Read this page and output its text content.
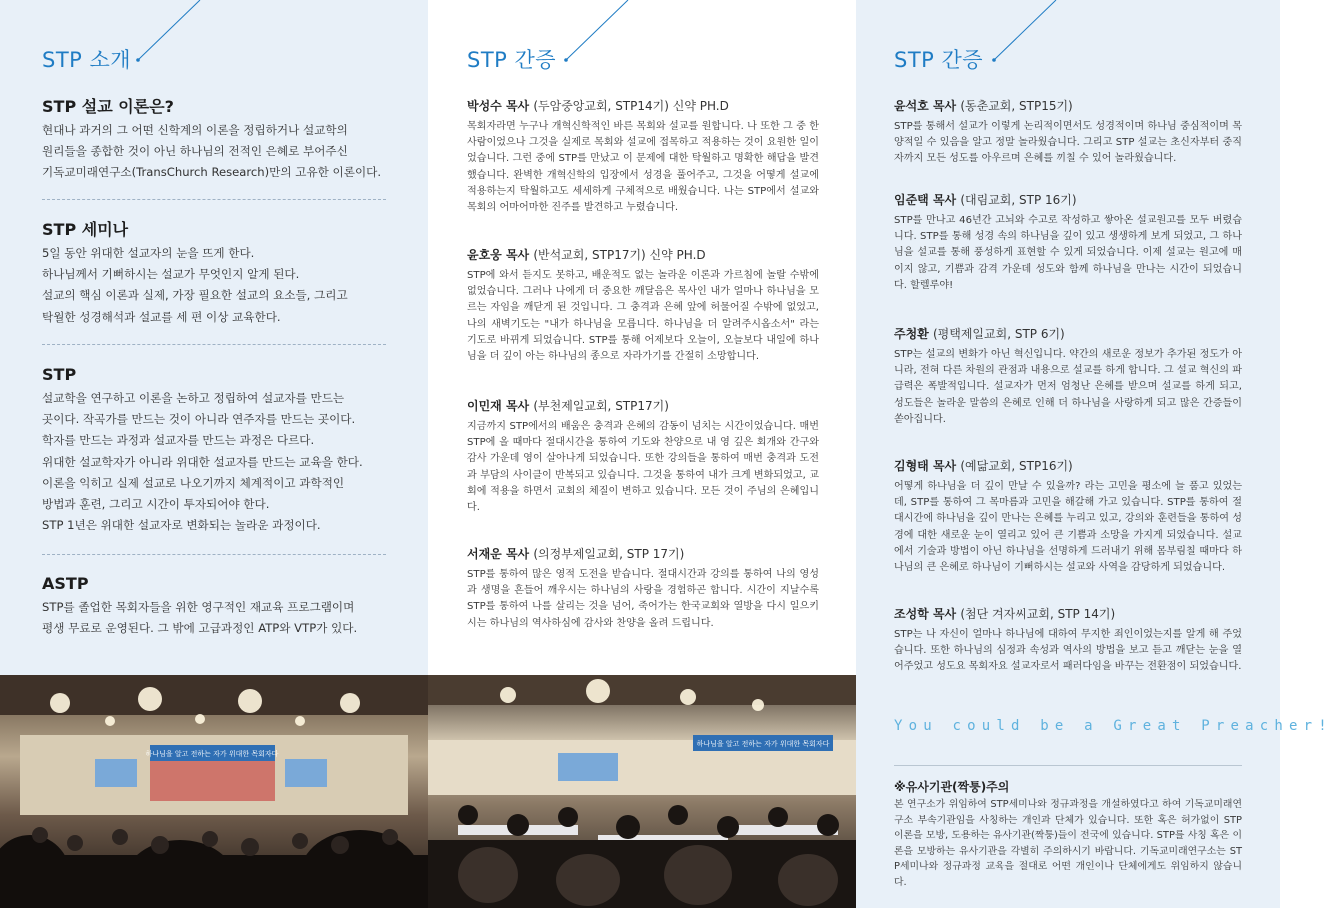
STP 소개
STP 설교 이론은?
현대나 과거의 그 어떤 신학계의 이론을 정립하거나 설교학의
원리들을 종합한 것이 아닌 하나님의 전적인 은혜로 부어주신
기독교미래연구소(TransChurch Research)만의 고유한 이론이다.
STP 세미나
5일 동안 위대한 설교자의 눈을 뜨게 한다.
하나님께서 기뻐하시는 설교가 무엇인지 알게 된다.
설교의 핵심 이론과 실제, 가장 필요한 설교의 요소들, 그리고
탁월한 성경해석과 설교를 세 편 이상 교육한다.
STP
설교학을 연구하고 이론을 논하고 정립하여 설교자를 만드는
곳이다. 작곡가를 만드는 것이 아니라 연주자를 만드는 곳이다.
학자를 만드는 과정과 설교자를 만드는 과정은 다르다.
위대한 설교학자가 아니라 위대한 설교자를 만드는 교육을 한다.
이론을 익히고 실제 설교로 나오기까지 체계적이고 과학적인
방법과 훈련, 그리고 시간이 투자되어야 한다.
STP 1년은 위대한 설교자로 변화되는 놀라운 과정이다.
ASTP
STP를 졸업한 목회자들을 위한 영구적인 재교육 프로그램이며
평생 무료로 운영된다. 그 밖에 고급과정인 ATP와 VTP가 있다.
STP 간증
박성수 목사 (두암중앙교회, STP14기) 신약 PH.D
목회자라면 누구나 개혁신학적인 바른 목회와 설교를 원합니다. 나 또한 그 중 한 사람이었으나 그것을 실제로 목회와 설교에 접목하고 적용하는 것이 요원한 일이었습니다. 그런 중에 STP를 만났고 이 문제에 대한 탁월하고 명확한 해답을 발견했습니다. 완벽한 개혁신학의 입장에서 성경을 풀어주고, 그것을 어떻게 설교에 적용하는지 탁월하고도 세세하게 구체적으로 배웠습니다. 나는 STP에서 설교와 목회의 어마어마한 진주를 발견하고 누렸습니다.
윤호웅 목사 (반석교회, STP17기) 신약 PH.D
STP에 와서 듣지도 못하고, 배운적도 없는 놀라운 이론과 가르침에 놀랄 수밖에 없었습니다. 그러나 나에게 더 중요한 깨달음은 목사인 내가 얼마나 하나님을 모르는 자임을 깨닫게 된 것입니다. 그 충격과 은혜 앞에 허물어질 수밖에 없었고, 나의 새벽기도는 "내가 하나님을 모릅니다. 하나님을 더 알려주시옵소서" 라는 기도로 바뀌게 되었습니다. STP를 통해 어제보다 오늘이, 오늘보다 내일에 하나님을 더 깊이 아는 하나님의 종으로 자라가기를 간절히 소망합니다.
이민재 목사 (부천제일교회, STP17기)
지금까지 STP에서의 배움은 충격과 은혜의 감동이 넘치는 시간이었습니다. 매번 STP에 올 때마다 절대시간을 통하여 기도와 찬양으로 내 영 깊은 회개와 간구와 감사 가운데 영이 살아나게 되었습니다. 또한 강의들을 통하여 매번 충격과 도전과 부담의 사이클이 반복되고 있습니다. 그것을 통하여 내가 크게 변화되었고, 교회에 적용을 하면서 교회의 체질이 변하고 있습니다. 모든 것이 주님의 은혜입니다.
서재운 목사 (의정부제일교회, STP 17기)
STP를 통하여 많은 영적 도전을 받습니다. 절대시간과 강의를 통하여 나의 영성과 생명을 흔들어 깨우시는 하나님의 사랑을 경험하곤 합니다. 시간이 지날수록 STP를 통하여 나를 살리는 것을 넘어, 죽어가는 한국교회와 열방을 다시 일으키시는 하나님의 역사하심에 감사와 찬양을 올려 드립니다.
STP 간증
윤석호 목사 (동춘교회, STP15기)
STP를 통해서 설교가 이렇게 논리적이면서도 성경적이며 하나님 중심적이며 목양적일 수 있음을 알고 정말 놀라웠습니다. 그리고 STP 설교는 초신자부터 중직자까지 모든 성도를 아우르며 은혜를 끼칠 수 있어 놀라웠습니다.
임준택 목사 (대림교회, STP 16기)
STP를 만나고 46년간 고뇌와 수고로 작성하고 쌓아온 설교원고를 모두 버렸습니다. STP를 통해 성경 속의 하나님을 깊이 있고 생생하게 보게 되었고, 그 하나님을 설교를 통해 풍성하게 표현할 수 있게 되었습니다. 이제 설교는 원고에 매이지 않고, 기쁨과 감격 가운데 성도와 함께 하나님을 만나는 시간이 되었습니다. 할렐루야!
주청환 (평택제일교회, STP 6기)
STP는 설교의 변화가 아닌 혁신입니다. 약간의 새로운 정보가 추가된 정도가 아니라, 전혀 다른 차원의 관점과 내용으로 설교를 하게 합니다. 그 설교 혁신의 파급력은 폭발적입니다. 설교자가 먼저 엄청난 은혜를 받으며 설교를 하게 되고, 성도들은 놀라운 말씀의 은혜로 인해 더 하나님을 사랑하게 되고 많은 간증들이 쏟아집니다.
김형태 목사 (예닮교회, STP16기)
어떻게 하나님을 더 깊이 만날 수 있을까? 라는 고민을 평소에 늘 품고 있었는데, STP를 통하여 그 목마름과 고민을 해갈해 가고 있습니다. STP를 통하여 절대시간에 하나님을 깊이 만나는 은혜를 누리고 있고, 강의와 훈련들을 통하여 성경에 대한 새로운 눈이 열리고 있어 큰 기쁨과 소망을 가지게 되었습니다. 설교에서 기술과 방법이 아닌 하나님을 선명하게 드러내기 위해 몸부림칠 때마다 하나님의 큰 은혜로 하나님이 기뻐하시는 설교와 사역을 감당하게 되었습니다.
조성학 목사 (첨단 겨자씨교회, STP 14기)
STP는 나 자신이 얼마나 하나님에 대하여 무지한 죄인이었는지를 알게 해 주었습니다. 또한 하나님의 심정과 속성과 역사의 방법을 보고 듣고 깨닫는 눈을 열어주었고 성도요 목회자요 설교자로서 패러다임을 바꾸는 전환점이 되었습니다.
※유사기관(짝퉁)주의
본 연구소가 위임하여 STP세미나와 정규과정을 개설하였다고 하여 기독교미래연구소 부속기관임을 사칭하는 개인과 단체가 있습니다. 또한 혹은 허가없이 STP 이론을 모방, 도용하는 유사기관(짝퉁)들이 전국에 있습니다. STP를 사칭 혹은 이론을 모방하는 유사기관을 각별히 주의하시기 바랍니다. 기독교미래연구소는 STP세미나와 정규과정 교육을 절대로 어떤 개인이나 단체에게도 위임하지 않습니다.
You could be a Great Preacher!
하나님을 알고 전하는 자가 위대한 목회자다
하나님을 알고 전하는 자가 위대한 목회자다
